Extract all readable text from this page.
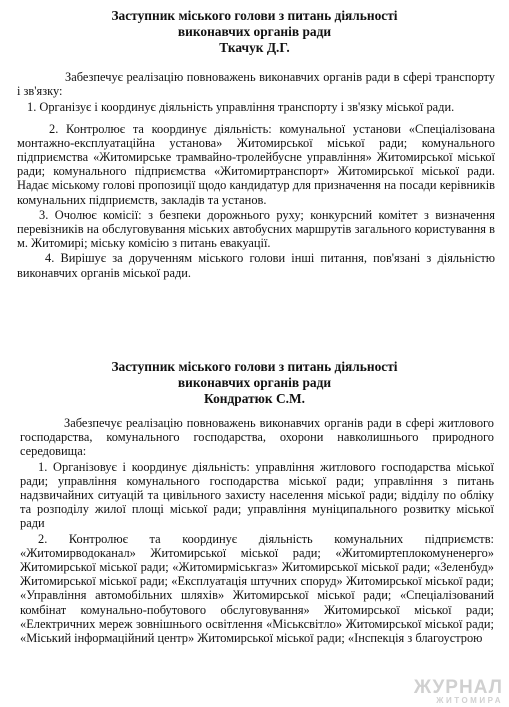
Заступник міського голови з питань діяльності

виконавчих органів ради

Ткачук Д.Г.

Забезпечує реалізацію повноважень виконавчих органів ради в сфері транспорту і зв'язку:

1. Організує і координує діяльність управління транспорту і зв'язку міської ради.

2. Контролює та координує діяльність: комунальної установи «Спеціалізована монтажно-експлуатаційна установа» Житомирської міської ради; комунального підприємства «Житомирське трамвайно-тролейбусне управління» Житомирської міської ради; комунального підприємства «Житомиртранспорт» Житомирської міської ради. Надає міському голові пропозиції щодо кандидатур для призначення на посади керівників комунальних підприємств, закладів та установ.

3. Очолює комісії: з безпеки дорожнього руху; конкурсний комітет з визначення перевізників на обслуговування міських автобусних маршрутів загального користування в м. Житомирі; міську комісію з питань евакуації.

4. Вирішує за дорученням міського голови інші питання, пов'язані з діяльністю виконавчих органів міської ради.

Заступник міського голови з питань діяльності

виконавчих органів ради

Кондратюк С.М.

Забезпечує реалізацію повноважень виконавчих органів ради в сфері житлового господарства, комунального господарства, охорони навколишнього природного середовища:

1. Організовує і координує діяльність: управління житлового господарства міської ради; управління комунального господарства міської ради; управління з питань надзвичайних ситуацій та цивільного захисту населення міської ради; відділу по обліку та розподілу жилої площі міської ради; управління муніципального розвитку міської ради

2. Контролює та координує діяльність комунальних підприємств: «Житомирводоканал» Житомирської міської ради; «Житомиртеплокомуненерго» Житомирської міської ради; «Житомирміськгаз» Житомирської міської ради; «Зеленбуд» Житомирської міської ради; «Експлуатація штучних споруд» Житомирської міської ради; «Управління автомобільних шляхів» Житомирської міської ради; «Спеціалізований комбінат комунально-побутового обслуговування» Житомирської міської ради; «Електричних мереж зовнішнього освітлення «Міськсвітло» Житомирської міської ради; «Міський інформаційний центр» Житомирської міської ради; «Інспекція з благоустрою

ЖУРНАЛ
ЖИТОМИРА
